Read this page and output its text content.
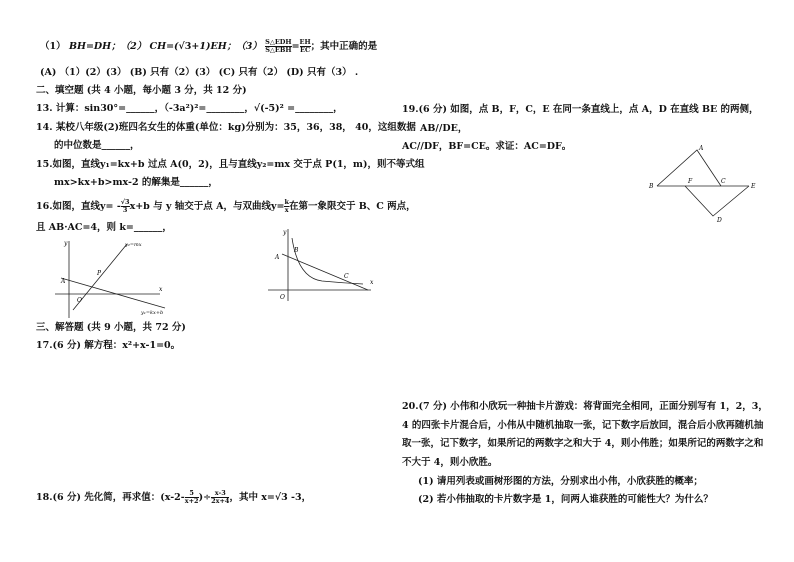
（1） BH=DH；（2） CH=(√3+1)EH；$(3) \frac{\text{S△EDH}}{\text{S△EBH}} = \frac{EH}{EC}$ ；其中正确的是
(A) （1）(2）(3） (B) 只有（2）(3） (C) 只有（2） (D) 只有（3） .
二、填空题 (共 4 小题，每小题 3 分，共 12 分)
13. 计算：sin30°=______，（-3a²)²=________，√(-5)² =________，
14. 某校八年级(2)班四名女生的体重(单位：kg)分别为：35，36，38， 40，这组数据
的中位数是______，
15.如图，直线y₁=kx+b 过点 A(0，2)，且与直线y₂=mx 交于点 P(1，m)，则不等式组
mx>kx+b>mx-2 的解集是______，
16.如图，直线$y= - \frac{√3}{3} x+b$ 与 y 轴交于点 A，与双曲线$y= \frac{k}{x}$ 在第一象限交于 B、C 两点，
且 AB·AC=4，则 k=______，
y
x
O
A
P
y₂=mx
y₁=kx+b
y
x
O
A
B
C
三、解答题 (共 9 小题，共 72 分)
17.(6 分) 解方程：x²+x-1=0。
18.(6 分) 先化简，再求值：($x-2- \frac{5}{x+2}$ )÷ $\frac{x-3}{2x+4}$ ，其中 x=√3 -3，
19.(6 分) 如图，点 B，F，C，E 在同一条直线上，点 A，D 在直线 BE 的两侧，
AB//DE，
AC//DF，BF=CE。求证：AC=DF。	A
B
F	C
E
D
20.(7 分) 小伟和小欣玩一种抽卡片游戏：将背面完全相同，正面分别写有 1，2，3，
4 的四张卡片混合后，小伟从中随机抽取一张，记下数字后放回，混合后小欣再随机抽
取一张，记下数字，如果所记的两数字之和大于 4，则小伟胜；如果所记的两数字之和
不大于 4，则小欣胜。
(1) 请用列表或画树形图的方法，分别求出小伟，小欣获胜的概率；
(2) 若小伟抽取的卡片数字是 1，问两人谁获胜的可能性大？为什么？
